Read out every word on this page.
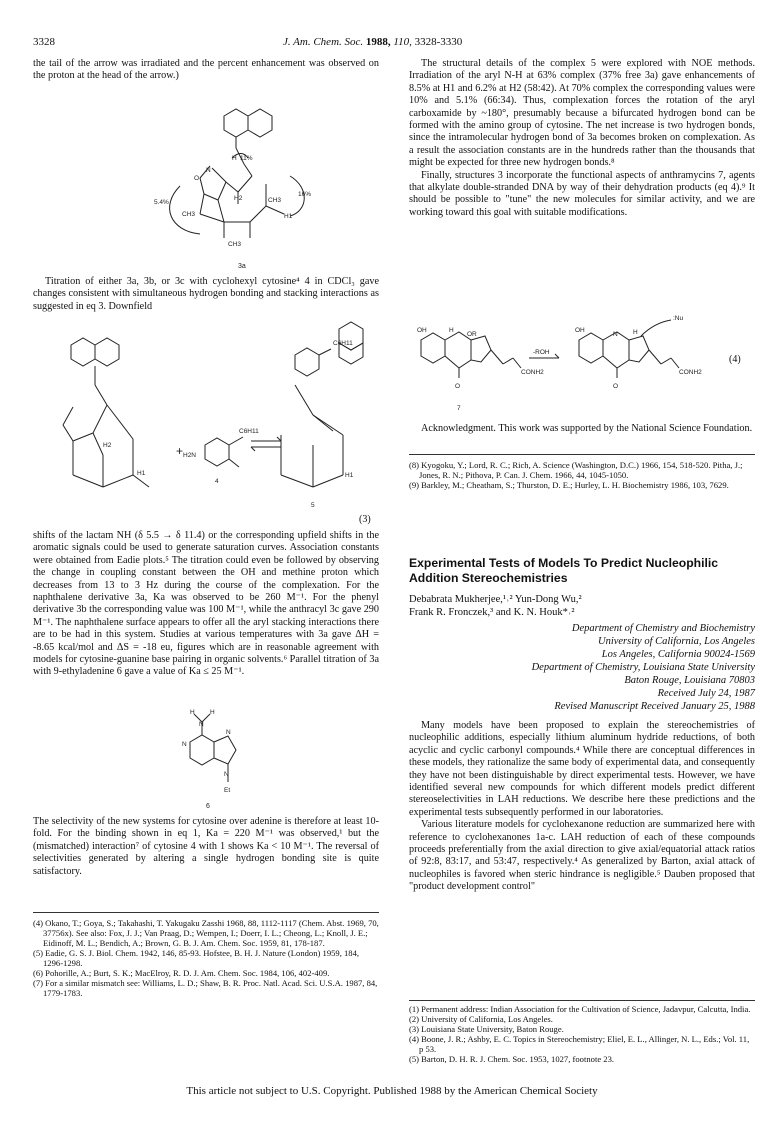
3328	J. Am. Chem. Soc. 1988, 110, 3328-3330

the tail of the arrow was irradiated and the percent enhancement was observed on the proton at the head of the arrow.)

H 11%
5.4%
16%
O
N
CH3
CH3
CH3
H2
H1
3a

Titration of either 3a, 3b, or 3c with cyclohexyl cytosine⁴ 4 in CDCl₃ gave changes consistent with simultaneous hydrogen bonding and stacking interactions as suggested in eq 3. Downfield

+ H2N
C6H11
4
C6H11
5
H2
H1	H1
(3)

shifts of the lactam NH (δ 5.5 → δ 11.4) or the corresponding upfield shifts in the aromatic signals could be used to generate saturation curves. Association constants were obtained from Eadie plots.⁵ The titration could even be followed by observing the change in coupling constant between the OH and methine proton which decreases from 13 to 3 Hz during the course of the complexation. For the naphthalene derivative 3a, Ka was observed to be 260 M⁻¹. For the phenyl derivative 3b the corresponding value was 100 M⁻¹, while the anthracyl 3c gave 290 M⁻¹. The naphthalene surface appears to offer all the aryl stacking interactions there are to be had in this system. Studies at various temperatures with 3a gave ΔH = -8.65 kcal/mol and ΔS = -18 eu, figures which are in reasonable agreement with models for cytosine-guanine base pairing in organic solvents.⁶ Parallel titration of 3a with 9-ethyladenine 6 gave a value of Ka ≤ 25 M⁻¹.

H H
N
N
N
N
Et
6

The selectivity of the new systems for cytosine over adenine is therefore at least 10-fold. For the binding shown in eq 1, Ka = 220 M⁻¹ was observed,¹ but the (mismatched) interaction⁷ of cytosine 4 with 1 shows Ka < 10 M⁻¹. The reversal of selectivities generated by altering a single hydrogen bonding site is quite satisfactory.

(4) Okano, T.; Goya, S.; Takahashi, T. Yakugaku Zasshi 1968, 88, 1112-1117 (Chem. Abst. 1969, 70, 37756x). See also: Fox, J. J.; Van Praag, D.; Wempen, I.; Doerr, I. L.; Cheong, L.; Knoll, J. E.; Eidinoff, M. L.; Bendich, A.; Brown, G. B. J. Am. Chem. Soc. 1959, 81, 178-187.

(5) Eadie, G. S. J. Biol. Chem. 1942, 146, 85-93. Hofstee, B. H. J. Nature (London) 1959, 184, 1296-1298.

(6) Pohorille, A.; Burt, S. K.; MacElroy, R. D. J. Am. Chem. Soc. 1984, 106, 402-409.

(7) For a similar mismatch see: Williams, L. D.; Shaw, B. R. Proc. Natl. Acad. Sci. U.S.A. 1987, 84, 1779-1783.

The structural details of the complex 5 were explored with NOE methods. Irradiation of the aryl N-H at 63% complex (37% free 3a) gave enhancements of 8.5% at H1 and 6.2% at H2 (58:42). At 70% complex the corresponding values were 10% and 5.1% (66:34). Thus, complexation forces the rotation of the aryl carboxamide by ~180°, presumably because a bifurcated hydrogen bond can be formed with the amino group of cytosine. The net increase is two hydrogen bonds, since the intramolecular hydrogen bond of 3a becomes broken on complexation. As a result the association constants are in the hundreds rather than the thousands that might be expected for three new hydrogen bonds.⁸

Finally, structures 3 incorporate the functional aspects of anthramycins 7, agents that alkylate double-stranded DNA by way of their dehydration products (eq 4).⁹ It should be possible to "tune" the new molecules for similar activity, and we are working toward this goal with suitable modifications.

OH	H
OR
O
CONH2
-ROH
OH
N H
O
CONH2
:Nu
7
(4)

Acknowledgment. This work was supported by the National Science Foundation.

(8) Kyogoku, Y.; Lord, R. C.; Rich, A. Science (Washington, D.C.) 1966, 154, 518-520. Pitha, J.; Jones, R. N.; Pithova, P. Can. J. Chem. 1966, 44, 1045-1050.

(9) Barkley, M.; Cheatham, S.; Thurston, D. E.; Hurley, L. H. Biochemistry 1986, 103, 7629.

Experimental Tests of Models To Predict Nucleophilic Addition Stereochemistries
Debabrata Mukherjee,¹˒² Yun-Dong Wu,²
Frank R. Fronczek,³ and K. N. Houk*˒²
Department of Chemistry and Biochemistry
University of California, Los Angeles
Los Angeles, California 90024-1569
Department of Chemistry, Louisiana State University
Baton Rouge, Louisiana 70803
Received July 24, 1987
Revised Manuscript Received January 25, 1988

Many models have been proposed to explain the stereochemistries of nucleophilic additions, especially lithium aluminum hydride reductions, of both acyclic and cyclic carbonyl compounds.⁴ While there are conceptual differences in these models, they rationalize the same body of experimental data, and consequently they have not been distinguishable by direct experimental tests. However, we have identified several new compounds for which different models predict different stereoselectivities in LAH reductions. We describe here these predictions and the experimental tests subsequently performed in our laboratories.

Various literature models for cyclohexanone reduction are summarized here with reference to cyclohexanones 1a-c. LAH reduction of each of these compounds proceeds preferentially from the axial direction to give axial/equatorial attack ratios of 92:8, 83:17, and 53:47, respectively.⁴ As generalized by Barton, axial attack of nucleophiles is favored when steric hindrance is negligible.⁵ Dauben proposed that "product development control"

(1) Permanent address: Indian Association for the Cultivation of Science, Jadavpur, Calcutta, India.

(2) University of California, Los Angeles.

(3) Louisiana State University, Baton Rouge.

(4) Boone, J. R.; Ashby, E. C. Topics in Stereochemistry; Eliel, E. L., Allinger, N. L., Eds.; Vol. 11, p 53.

(5) Barton, D. H. R. J. Chem. Soc. 1953, 1027, footnote 23.

This article not subject to U.S. Copyright. Published 1988 by the American Chemical Society
